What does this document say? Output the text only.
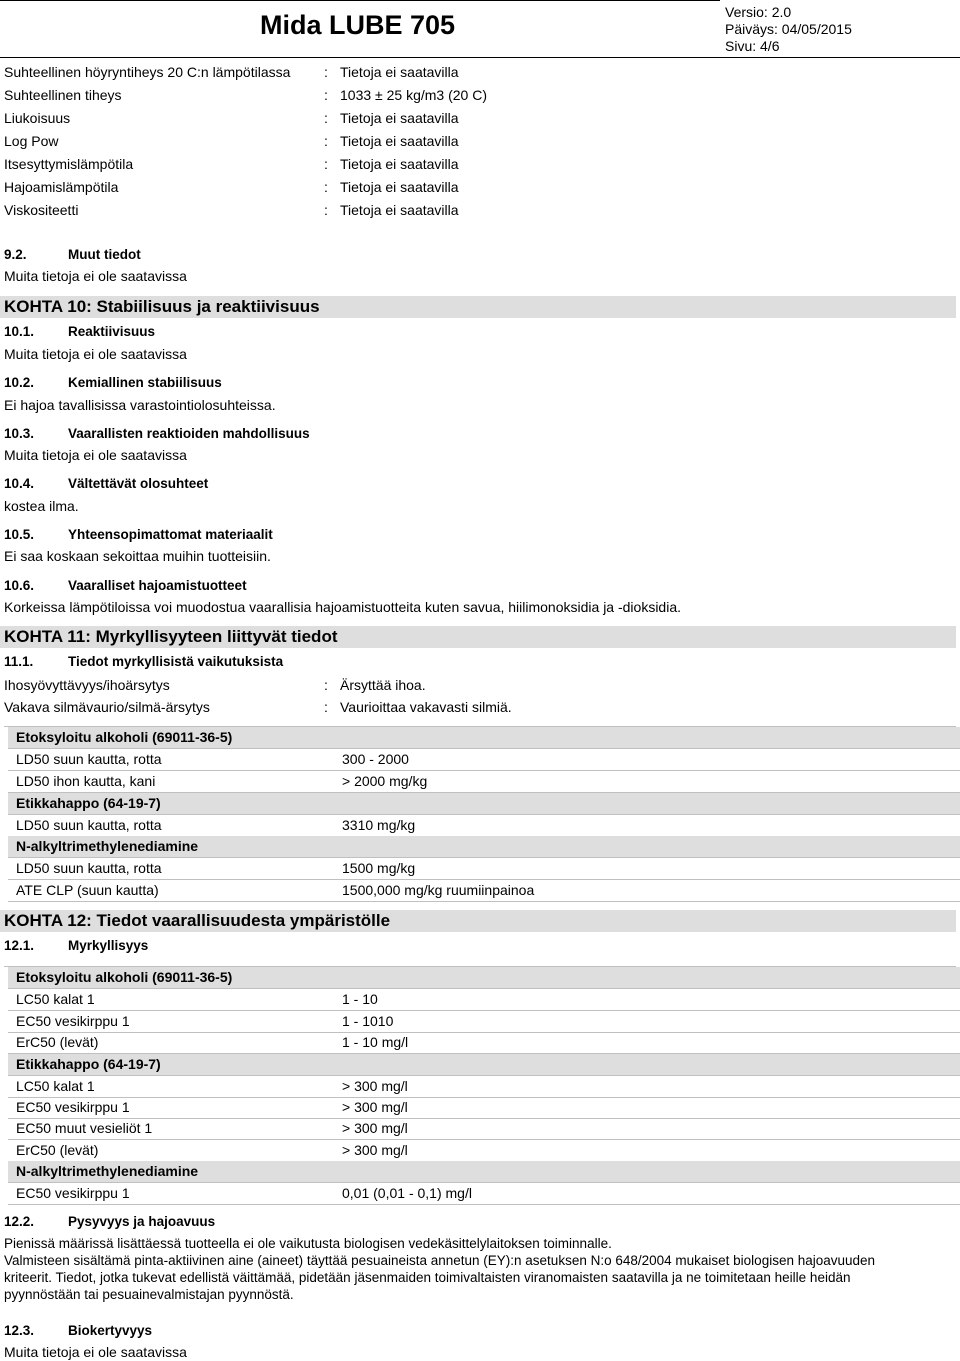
Mida LUBE 705	Versio: 2.0
Päiväys: 04/05/2015
Sivu: 4/6
Suhteellinen höyryntiheys 20 C:n lämpötilassa : Tietoja ei saatavilla
Suhteellinen tiheys	: 1033 ± 25 kg/m3 (20 C)
Liukoisuus	: Tietoja ei saatavilla
Log Pow	: Tietoja ei saatavilla
Itsesyttymislämpötila	: Tietoja ei saatavilla
Hajoamislämpötila	: Tietoja ei saatavilla
Viskositeetti	: Tietoja ei saatavilla
9.2.	Muut tiedot
Muita tietoja ei ole saatavissa
KOHTA 10: Stabiilisuus ja reaktiivisuus
10.1.	Reaktiivisuus
Muita tietoja ei ole saatavissa
10.2.	Kemiallinen stabiilisuus
Ei hajoa tavallisissa varastointiolosuhteissa.
10.3.	Vaarallisten reaktioiden mahdollisuus
Muita tietoja ei ole saatavissa
10.4.	Vältettävät olosuhteet
kostea ilma.
10.5.	Yhteensopimattomat materiaalit
Ei saa koskaan sekoittaa muihin tuotteisiin.
10.6.	Vaaralliset hajoamistuotteet
Korkeissa lämpötiloissa voi muodostua vaarallisia hajoamistuotteita kuten savua, hiilimonoksidia ja -dioksidia.
KOHTA 11: Myrkyllisyyteen liittyvät tiedot
11.1.	Tiedot myrkyllisistä vaikutuksista
Ihosyövyttävyys/ihoärsytys	: Ärsyttää ihoa.
Vakava silmävaurio/silmä-ärsytys	: Vaurioittaa vakavasti silmiä.
Etoksyloitu alkoholi (69011-36-5)
LD50 suun kautta, rotta	300 - 2000
LD50 ihon kautta, kani	> 2000 mg/kg
Etikkahappo (64-19-7)
LD50 suun kautta, rotta	3310 mg/kg
N-alkyltrimethylenediamine
LD50 suun kautta, rotta	1500 mg/kg
ATE CLP (suun kautta)	1500,000 mg/kg ruumiinpainoa
KOHTA 12: Tiedot vaarallisuudesta ympäristölle
12.1.	Myrkyllisyys
Etoksyloitu alkoholi (69011-36-5)
LC50 kalat 1	1 - 10
EC50 vesikirppu 1	1 - 1010
ErC50 (levät)	1 - 10 mg/l
Etikkahappo (64-19-7)
LC50 kalat 1	> 300 mg/l
EC50 vesikirppu 1	> 300 mg/l
EC50 muut vesieliöt 1	> 300 mg/l
ErC50 (levät)	> 300 mg/l
N-alkyltrimethylenediamine
EC50 vesikirppu 1	0,01 (0,01 - 0,1) mg/l
12.2.	Pysyvyys ja hajoavuus
Pienissä määrissä lisättäessä tuotteella ei ole vaikutusta biologisen vedekäsittelylaitoksen toiminnalle.
Valmisteen sisältämä pinta-aktiivinen aine (aineet) täyttää pesuaineista annetun (EY):n asetuksen N:o 648/2004 mukaiset biologisen hajoavuuden
kriteerit. Tiedot, jotka tukevat edellistä väittämää, pidetään jäsenmaiden toimivaltaisten viranomaisten saatavilla ja ne toimitetaan heille heidän
pyynnöstään tai pesuainevalmistajan pyynnöstä.
12.3.	Biokertyvyys
Muita tietoja ei ole saatavissa
